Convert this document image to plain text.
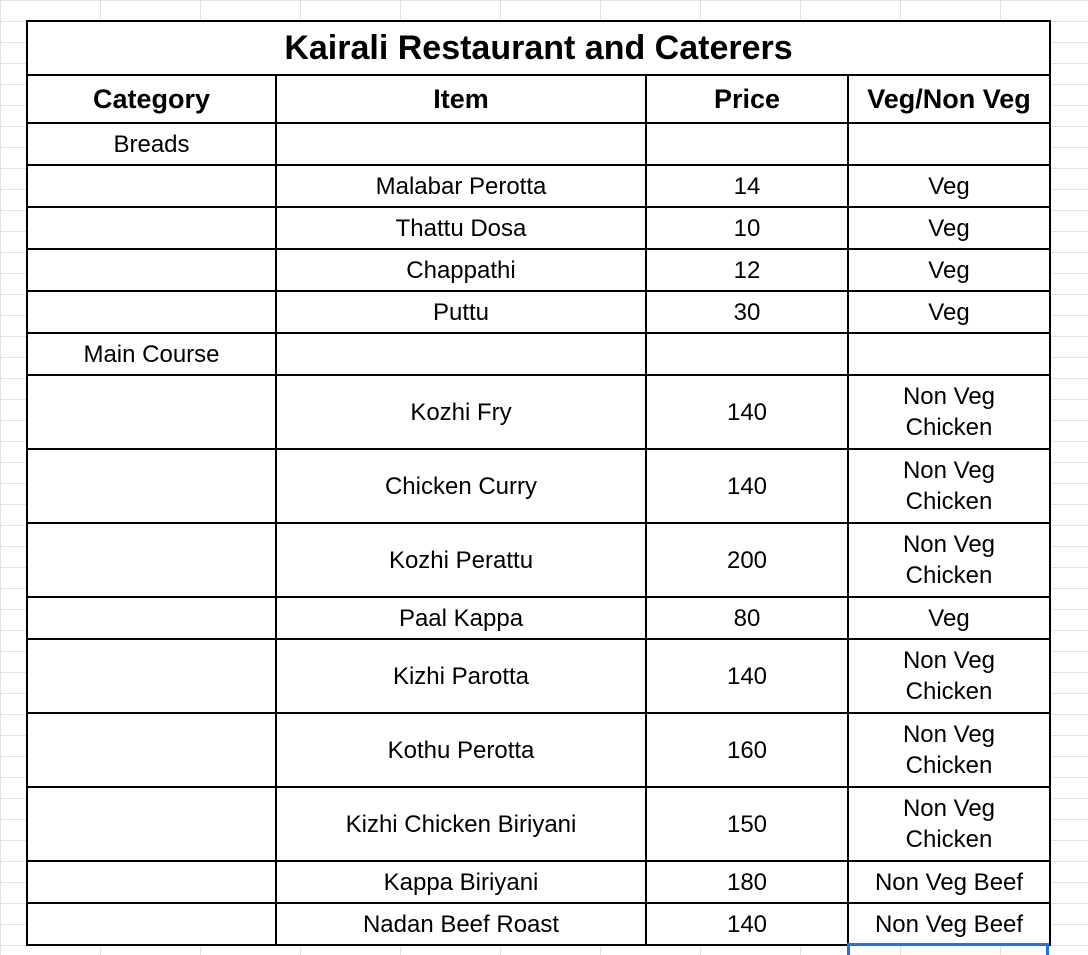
Kairali Restaurant and Caterers			
Category	Item	Price	Veg/Non Veg
Breads			

	Malabar Perotta	14	Veg

	Thattu Dosa	10	Veg

	Chappathi	12	Veg

	Puttu	30	Veg

Main Course			

	Kozhi Fry	140	Non Veg
Chicken

	Chicken Curry	140	Non Veg
Chicken

	Kozhi Perattu	200	Non Veg
Chicken

	Paal Kappa	80	Veg

	Kizhi Parotta	140	Non Veg
Chicken

	Kothu Perotta	160	Non Veg
Chicken

	Kizhi Chicken Biriyani	150	Non Veg
Chicken

	Kappa Biriyani	180	Non Veg Beef

	Nadan Beef Roast	140	Non Veg Beef
